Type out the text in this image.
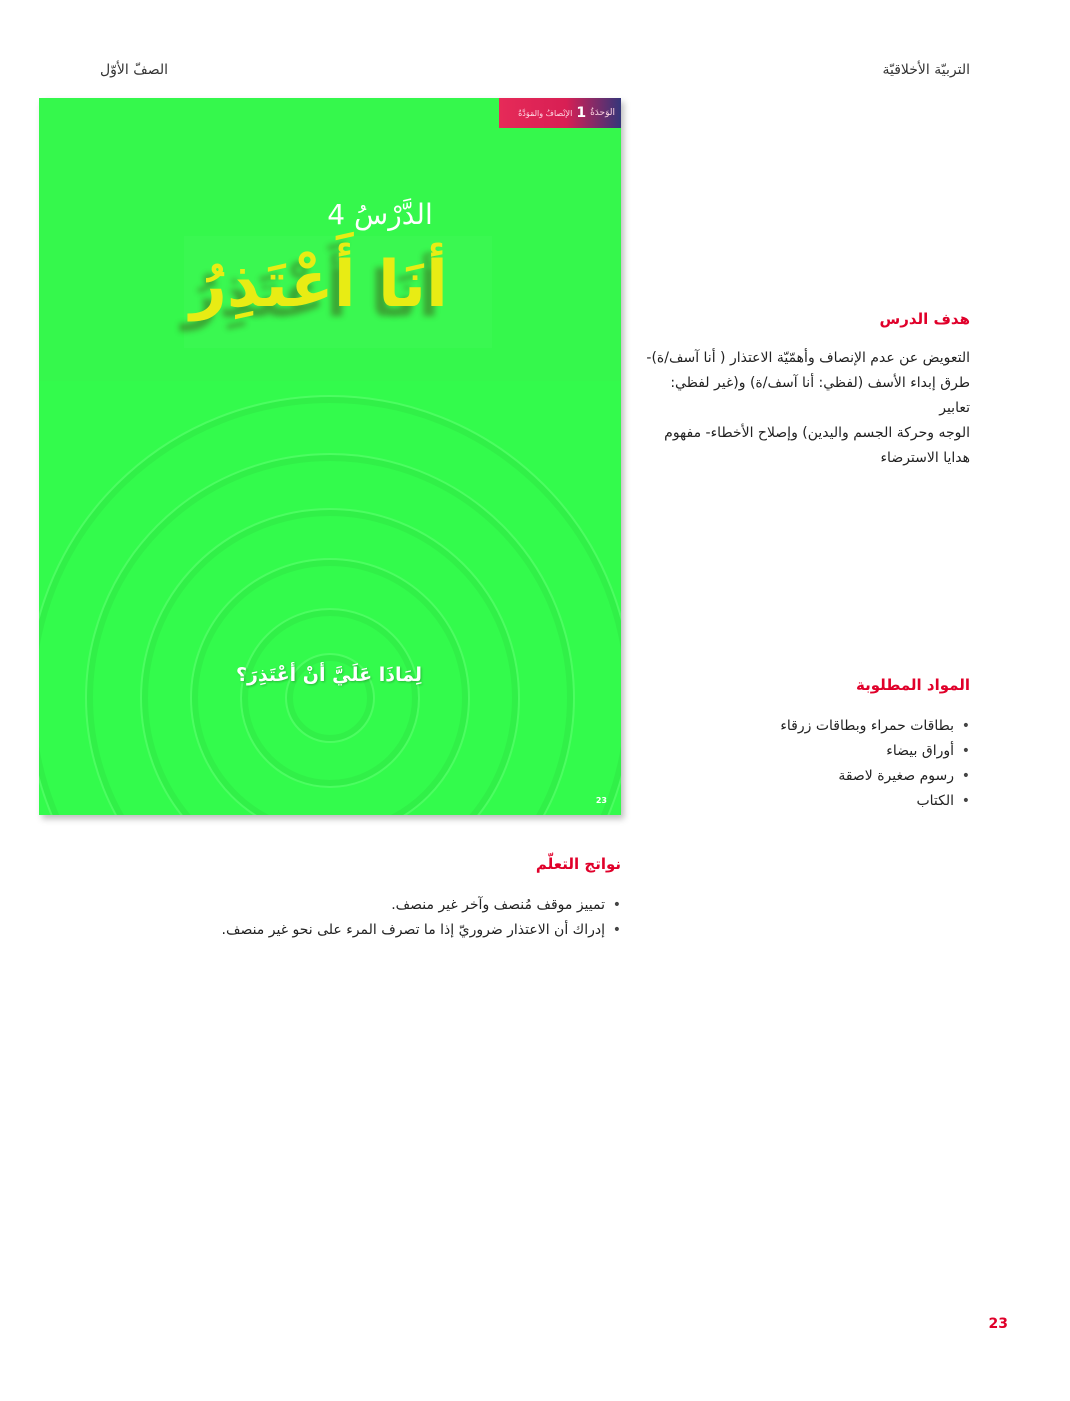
التربيّة الأخلاقيّة
الصفّ الأوّل
الوَحدَةُ
1
الإنْصافُ والمَوَدَّةُ
الدَّرْسُ 4
أنَا أَعْتَذِرُ
لِمَاذَا عَلَيَّ أنْ أعْتَذِرَ؟
23
هدف الدرس
التعويض عن عدم الإنصاف وأهمّيّة الاعتذار ( أنا آسف/ة)-
طرق إبداء الأسف (لفظي: أنا آسف/ة) و(غير لفظي: تعابير
الوجه وحركة الجسم واليدين) وإصلاح الأخطاء- مفهوم
هدايا الاسترضاء
المواد المطلوبة
• بطاقات حمراء وبطاقات زرقاء
• أوراق بيضاء
• رسوم صغيرة لاصقة
• الكتاب
نواتج التعلّم
• تمييز موقف مُنصف وآخر غير منصف.
• إدراك أن الاعتذار ضروريّ إذا ما تصرف المرء على نحو غير منصف.
23
